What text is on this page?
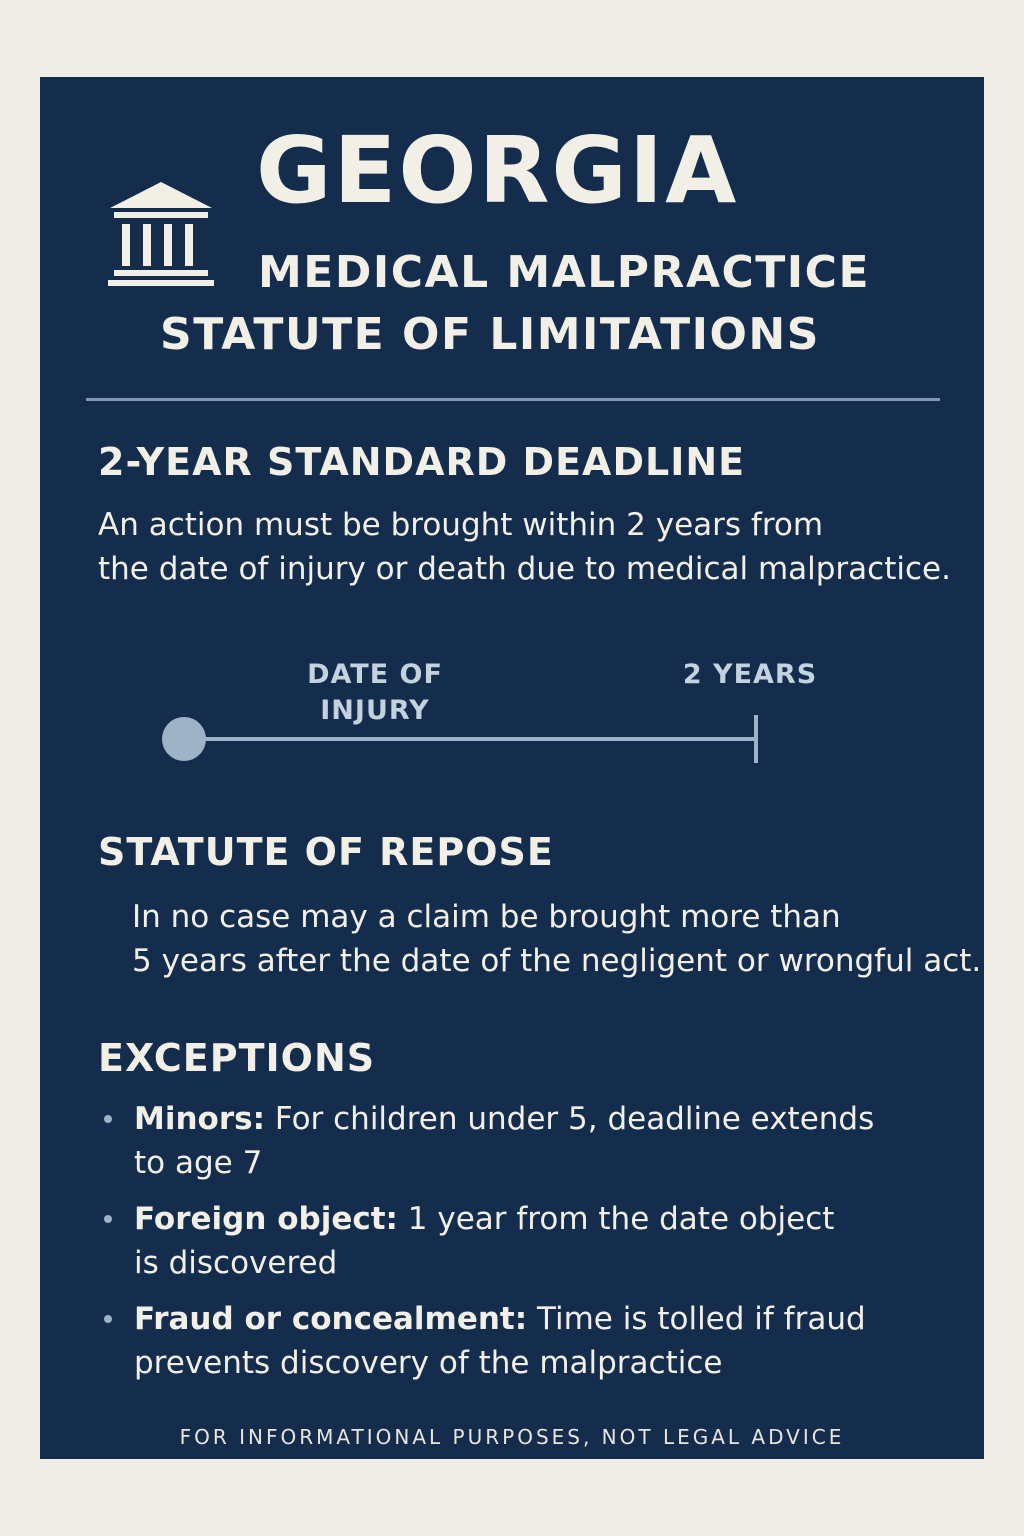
GEORGIA
MEDICAL MALPRACTICE
STATUTE OF LIMITATIONS
2-YEAR STANDARD DEADLINE
An action must be brought within 2 years from
the date of injury or death due to medical malpractice.
DATE OF
INJURY
2 YEARS
STATUTE OF REPOSE
In no case may a claim be brought more than
5 years after the date of the negligent or wrongful act.
EXCEPTIONS
Minors: For children under 5, deadline extends
to age 7
Foreign object: 1 year from the date object
is discovered
Fraud or concealment: Time is tolled if fraud
prevents discovery of the malpractice
FOR INFORMATIONAL PURPOSES, NOT LEGAL ADVICE
